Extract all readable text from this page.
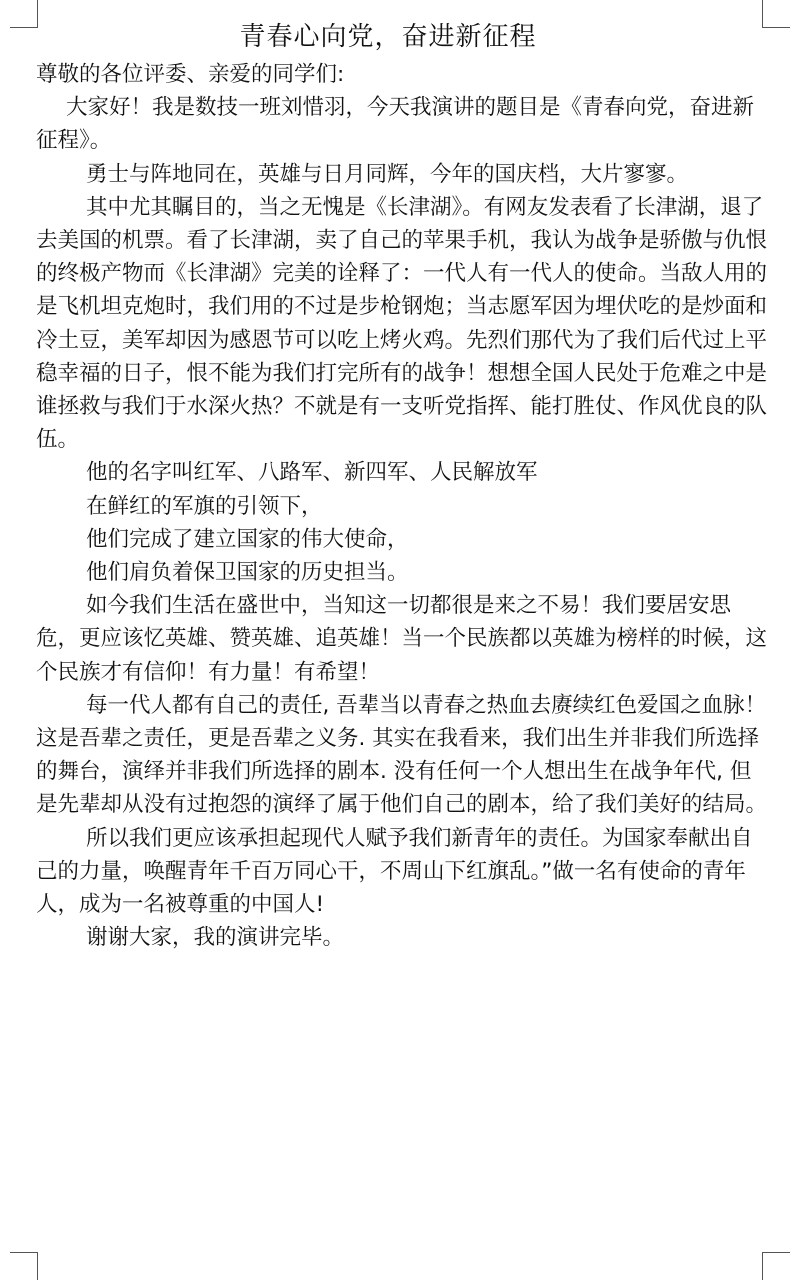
青春心向党，奋进新征程

尊敬的各位评委、亲爱的同学们:

大家好！我是数技一班刘惜羽，今天我演讲的题目是《青春向党，奋进新征程》。

勇士与阵地同在，英雄与日月同辉，今年的国庆档，大片寥寥。

其中尤其瞩目的，当之无愧是《长津湖》。有网友发表看了长津湖，退了去美国的机票。看了长津湖，卖了自己的苹果手机，我认为战争是骄傲与仇恨的终极产物而《长津湖》完美的诠释了：一代人有一代人的使命。当敌人用的是飞机坦克炮时，我们用的不过是步枪钢炮；当志愿军因为埋伏吃的是炒面和冷土豆，美军却因为感恩节可以吃上烤火鸡。先烈们那代为了我们后代过上平稳幸福的日子，恨不能为我们打完所有的战争！想想全国人民处于危难之中是谁拯救与我们于水深火热？不就是有一支听党指挥、能打胜仗、作风优良的队伍。

他的名字叫红军、八路军、新四军、人民解放军

在鲜红的军旗的引领下，

他们完成了建立国家的伟大使命，

他们肩负着保卫国家的历史担当。

如今我们生活在盛世中，当知这一切都很是来之不易！我们要居安思危，更应该忆英雄、赞英雄、追英雄！当一个民族都以英雄为榜样的时候，这个民族才有信仰！有力量！有希望！

每一代人都有自己的责任, 吾辈当以青春之热血去赓续红色爱国之血脉！这是吾辈之责任，更是吾辈之义务. 其实在我看来，我们出生并非我们所选择的舞台，演绎并非我们所选择的剧本. 没有任何一个人想出生在战争年代, 但是先辈却从没有过抱怨的演绎了属于他们自己的剧本，给了我们美好的结局。

所以我们更应该承担起现代人赋予我们新青年的责任。为国家奉献出自己的力量，唤醒青年千百万同心干，不周山下红旗乱。”做一名有使命的青年人，成为一名被尊重的中国人!

谢谢大家，我的演讲完毕。
